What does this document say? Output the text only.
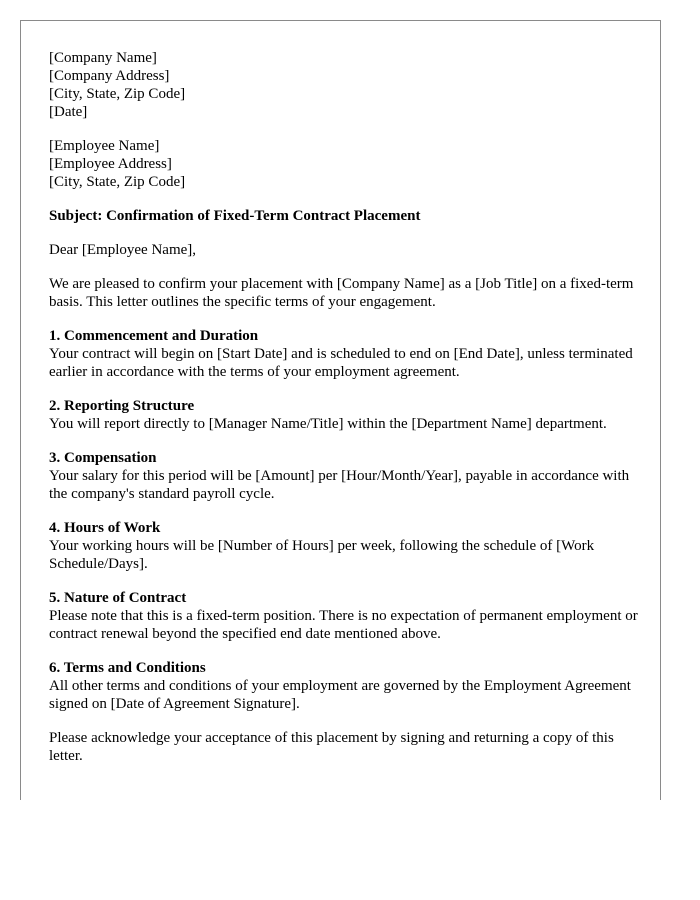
[Company Name]
[Company Address]
[City, State, Zip Code]
[Date]
[Employee Name]
[Employee Address]
[City, State, Zip Code]
Subject: Confirmation of Fixed-Term Contract Placement

Dear [Employee Name],

We are pleased to confirm your placement with [Company Name] as a [Job Title] on a fixed-term basis. This letter outlines the specific terms of your engagement.

1. Commencement and Duration
Your contract will begin on [Start Date] and is scheduled to end on [End Date], unless terminated earlier in accordance with the terms of your employment agreement.
2. Reporting Structure
You will report directly to [Manager Name/Title] within the [Department Name] department.
3. Compensation
Your salary for this period will be [Amount] per [Hour/Month/Year], payable in accordance with the company's standard payroll cycle.
4. Hours of Work
Your working hours will be [Number of Hours] per week, following the schedule of [Work Schedule/Days].
5. Nature of Contract
Please note that this is a fixed-term position. There is no expectation of permanent employment or contract renewal beyond the specified end date mentioned above.
6. Terms and Conditions
All other terms and conditions of your employment are governed by the Employment Agreement signed on [Date of Agreement Signature].

Please acknowledge your acceptance of this placement by signing and returning a copy of this letter.
